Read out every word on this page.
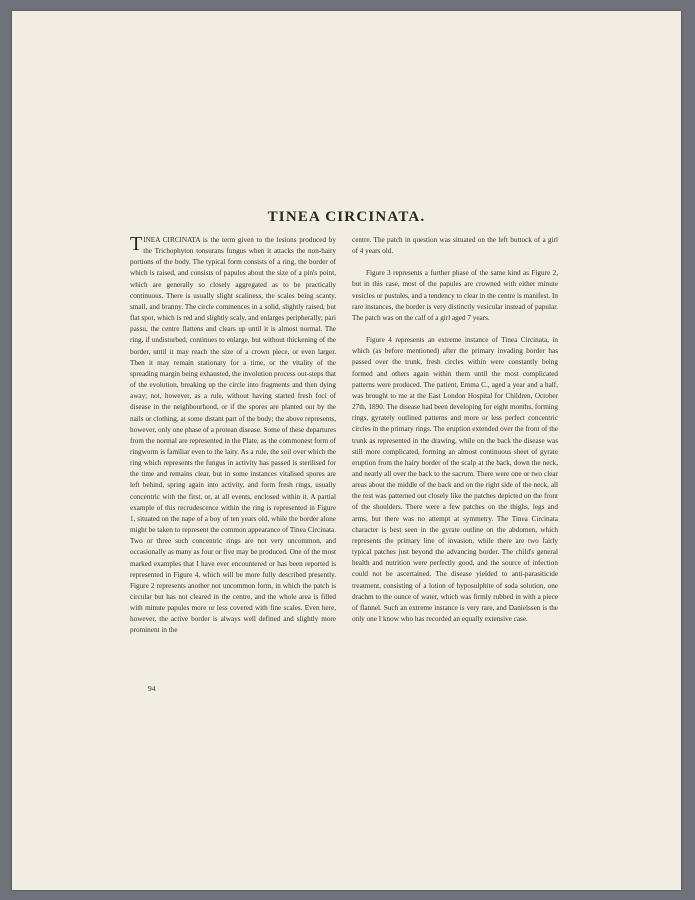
TINEA CIRCINATA.

TINEA CIRCINATA is the term given to the lesions produced by the Trichophyton tonsurans fungus when it attacks the non-hairy portions of the body. The typical form consists of a ring, the border of which is raised, and consists of papules about the size of a pin's point, which are generally so closely aggregated as to be practically continuous. There is usually slight scaliness, the scales being scanty, small, and branny. The circle commences in a solid, slightly raised, but flat spot, which is red and slightly scaly, and enlarges peripherally; pari passu, the centre flattens and clears up until it is almost normal. The ring, if undisturbed, continues to enlarge, but without thickening of the border, until it may reach the size of a crown piece, or even larger. Then it may remain stationary for a time, or the vitality of the spreading margin being exhausted, the involution process out-steps that of the evolution, breaking up the circle into fragments and then dying away; not, however, as a rule, without having started fresh foci of disease in the neighbourhood, or if the spores are planted out by the nails or clothing, at some distant part of the body; the above represents, however, only one phase of a protean disease. Some of these departures from the normal are represented in the Plate, as the commonest form of ringworm is familiar even to the laity. As a rule, the soil over which the ring which represents the fungus in activity has passed is sterilised for the time and remains clear, but in some instances vitalised spores are left behind, spring again into activity, and form fresh rings, usually concentric with the first, or, at all events, enclosed within it. A partial example of this recrudescence within the ring is represented in Figure 1, situated on the nape of a boy of ten years old, while the border alone might be taken to represent the common appearance of Tinea Circinata. Two or three such concentric rings are not very uncommon, and occasionally as many as four or five may be produced. One of the most marked examples that I have ever encountered or has been reported is represented in Figure 4, which will be more fully described presently. Figure 2 represents another not uncommon form, in which the patch is circular but has not cleared in the centre, and the whole area is filled with minute papules more or less covered with fine scales. Even here, however, the active border is always well defined and slightly more prominent in the

centre. The patch in question was situated on the left buttock of a girl of 4 years old.

Figure 3 represents a further phase of the same kind as Figure 2, but in this case, most of the papules are crowned with either minute vesicles or pustules, and a tendency to clear in the centre is manifest. In rare instances, the border is very distinctly vesicular instead of papular. The patch was on the calf of a girl aged 7 years.

Figure 4 represents an extreme instance of Tinea Circinata, in which (as before mentioned) after the primary invading border has passed over the trunk, fresh circles within were constantly being formed and others again within them until the most complicated patterns were produced. The patient, Emma C., aged a year and a half, was brought to me at the East London Hospital for Children, October 27th, 1890. The disease had been developing for eight months, forming rings, gyrately outlined patterns and more or less perfect concentric circles in the primary rings. The eruption extended over the front of the trunk as represented in the drawing, while on the back the disease was still more complicated, forming an almost continuous sheet of gyrate eruption from the hairy border of the scalp at the back, down the neck, and nearly all over the back to the sacrum. There were one or two clear areas about the middle of the back and on the right side of the neck, all the rest was patterned out closely like the patches depicted on the front of the shoulders. There were a few patches on the thighs, legs and arms, but there was no attempt at symmetry. The Tinea Circinata character is best seen in the gyrate outline on the abdomen, which represents the primary line of invasion, while there are two fairly typical patches just beyond the advancing border. The child's general health and nutrition were perfectly good, and the source of infection could not be ascertained. The disease yielded to anti-parasiticide treatment, consisting of a lotion of hyposulphite of soda solution, one drachm to the ounce of water, which was firmly rubbed in with a piece of flannel. Such an extreme instance is very rare, and Danielssen is the only one I know who has recorded an equally extensive case.

94
